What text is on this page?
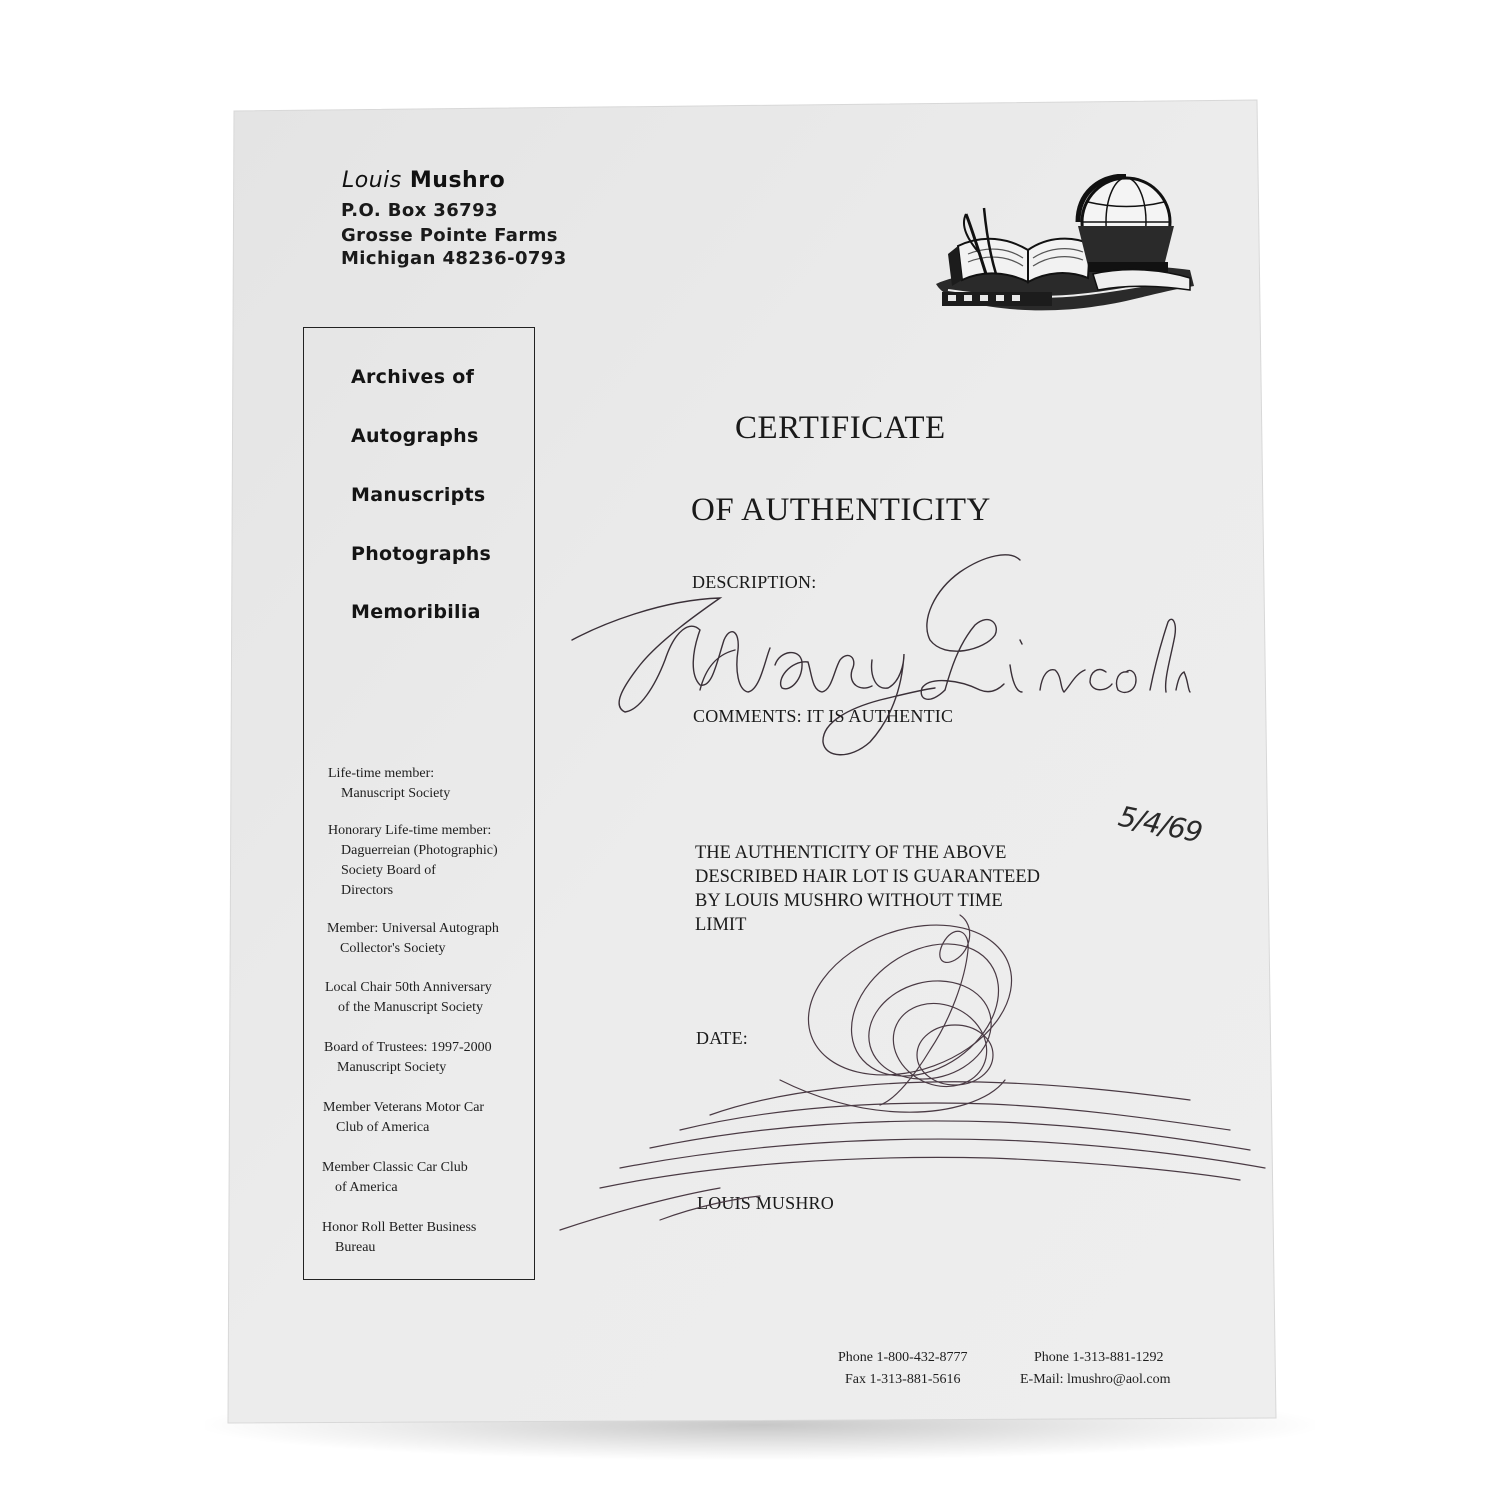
Louis Mushro
P.O. Box 36793
Grosse Pointe Farms
Michigan 48236-0793
Archives of
Autographs
Manuscripts
Photographs
Memoribilia
Life-time member:
Manuscript Society
Honorary Life-time member:
Daguerreian (Photographic)
Society Board of
Directors
Member: Universal Autograph
Collector's Society
Local Chair 50th Anniversary
of the Manuscript Society
Board of Trustees: 1997-2000
Manuscript Society
Member Veterans Motor Car
Club of America
Member Classic Car Club
of America
Honor Roll Better Business
Bureau
CERTIFICATE
OF AUTHENTICITY
DESCRIPTION:
COMMENTS: IT IS AUTHENTIC
THE AUTHENTICITY OF THE ABOVE
DESCRIBED HAIR LOT IS GUARANTEED
BY LOUIS MUSHRO WITHOUT TIME
LIMIT
DATE:
5/4/69
LOUIS MUSHRO
Phone 1-800-432-8777
Fax 1-313-881-5616
Phone 1-313-881-1292
E-Mail: lmushro@aol.com
